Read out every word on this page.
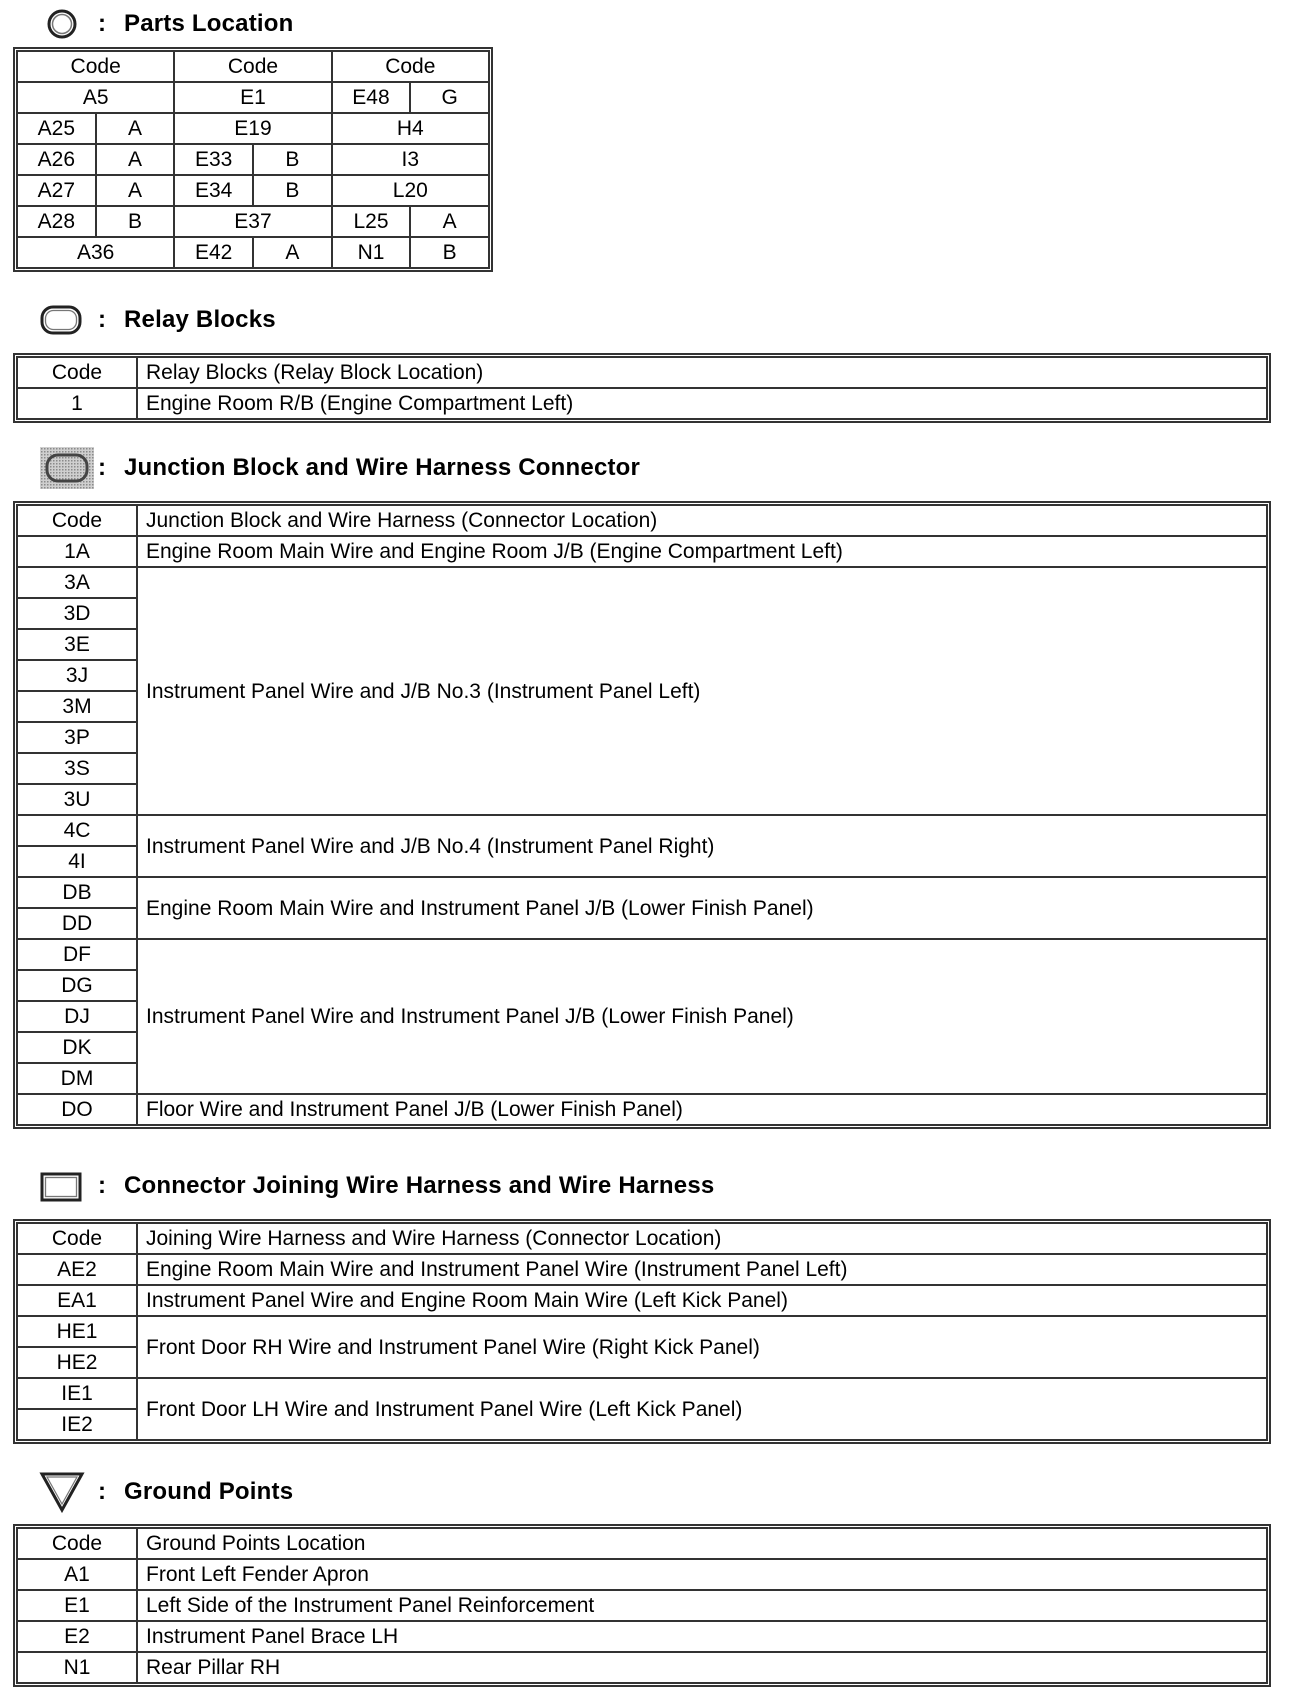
: Parts Location
Code		Code		Code	
A5		E1		E48	G
A25	A	E19		H4	
A26	A	E33	B	I3	
A27	A	E34	B	L20	
A28	B	E37		L25	A
A36		E42	A	N1	B
: Relay Blocks
Code	Relay Blocks (Relay Block Location)
1	Engine Room R/B (Engine Compartment Left)
: Junction Block and Wire Harness Connector
Code	Junction Block and Wire Harness (Connector Location)
1A	Engine Room Main Wire and Engine Room J/B (Engine Compartment Left)
3A	Instrument Panel Wire and J/B No.3 (Instrument Panel Left)
3D	
3E	
3J	
3M	
3P	
3S	
3U	
4C	Instrument Panel Wire and J/B No.4 (Instrument Panel Right)
4I	
DB	Engine Room Main Wire and Instrument Panel J/B (Lower Finish Panel)
DD	
DF	Instrument Panel Wire and Instrument Panel J/B (Lower Finish Panel)
DG	
DJ	
DK	
DM	
DO	Floor Wire and Instrument Panel J/B (Lower Finish Panel)
: Connector Joining Wire Harness and Wire Harness
Code	Joining Wire Harness and Wire Harness (Connector Location)
AE2	Engine Room Main Wire and Instrument Panel Wire (Instrument Panel Left)
EA1	Instrument Panel Wire and Engine Room Main Wire (Left Kick Panel)
HE1	Front Door RH Wire and Instrument Panel Wire (Right Kick Panel)
HE2	
IE1	Front Door LH Wire and Instrument Panel Wire (Left Kick Panel)
IE2	
: Ground Points
Code	Ground Points Location
A1	Front Left Fender Apron
E1	Left Side of the Instrument Panel Reinforcement
E2	Instrument Panel Brace LH
N1	Rear Pillar RH
